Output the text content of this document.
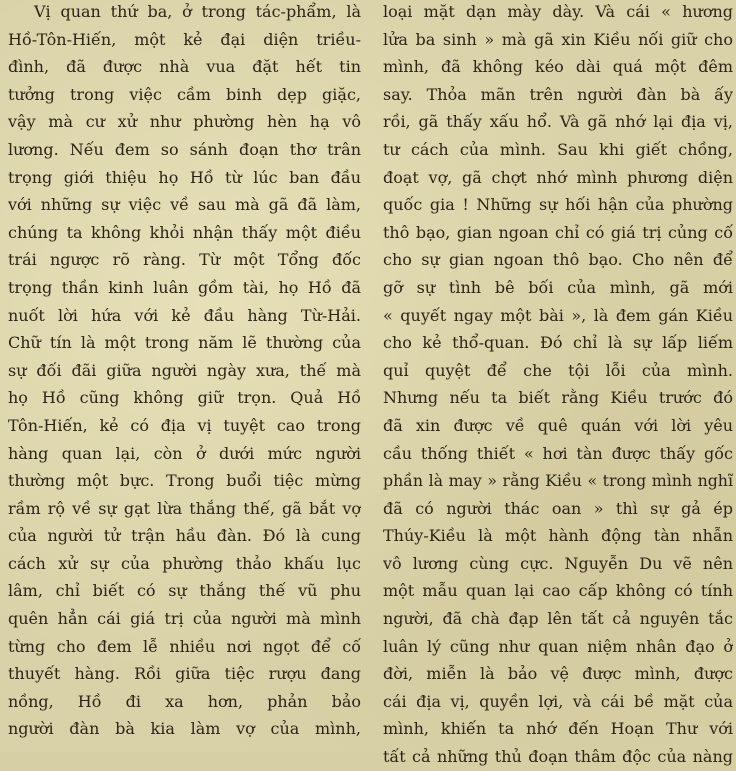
Vị quan thứ ba, ở trong tác-phẩm, là
Hồ-Tôn-Hiến, một kẻ đại diện triều-
đình, đã được nhà vua đặt hết tin
tưởng trong việc cầm binh dẹp giặc,
vậy mà cư xử như phường hèn hạ vô
lương. Nếu đem so sánh đoạn thơ trân
trọng giới thiệu họ Hồ từ lúc ban đầu
với những sự việc về sau mà gã đã làm,
chúng ta không khỏi nhận thấy một điều
trái ngược rõ ràng. Từ một Tổng đốc
trọng thần kinh luân gồm tài, họ Hồ đã
nuốt lời hứa với kẻ đầu hàng Từ-Hải.
Chữ tín là một trong năm lẽ thường của
sự đối đãi giữa người ngày xưa, thế mà
họ Hồ cũng không giữ trọn. Quả Hồ
Tôn-Hiến, kẻ có địa vị tuyệt cao trong
hàng quan lại, còn ở dưới mức người
thường một bực. Trong buổi tiệc mừng
rầm rộ về sự gạt lừa thắng thế, gã bắt vợ
của người tử trận hầu đàn. Đó là cung
cách xử sự của phường thảo khấu lục
lâm, chỉ biết có sự thắng thế vũ phu
quên hẳn cái giá trị của người mà mình
từng cho đem lễ nhiều nơi ngọt để cố
thuyết hàng. Rồi giữa tiệc rượu đang
nồng, Hồ đi xa hơn, phản bảo
người đàn bà kia làm vợ của mình,
loại mặt dạn mày dày. Và cái « hương
lửa ba sinh » mà gã xin Kiều nối giữ cho
mình, đã không kéo dài quá một đêm
say. Thỏa mãn trên người đàn bà ấy
rồi, gã thấy xấu hổ. Và gã nhớ lại địa vị,
tư cách của mình. Sau khi giết chồng,
đoạt vợ, gã chợt nhớ mình phương diện
quốc gia ! Những sự hối hận của phường
thô bạo, gian ngoan chỉ có giá trị củng cố
cho sự gian ngoan thô bạo. Cho nên để
gỡ sự tình bê bối của mình, gã mới
« quyết ngay một bài », là đem gán Kiều
cho kẻ thổ-quan. Đó chỉ là sự lấp liếm
quỉ quyệt để che tội lỗi của mình.
Nhưng nếu ta biết rằng Kiều trước đó
đã xin được về quê quán với lời yêu
cầu thống thiết « hơi tàn được thấy gốc
phần là may » rằng Kiều « trong mình nghĩ
đã có người thác oan » thì sự gả ép
Thúy-Kiều là một hành động tàn nhẫn
vô lương cùng cực. Nguyễn Du vẽ nên
một mẫu quan lại cao cấp không có tính
người, đã chà đạp lên tất cả nguyên tắc
luân lý cũng như quan niệm nhân đạo ở
đời, miễn là bảo vệ được mình, được
cái địa vị, quyền lợi, và cái bề mặt của
mình, khiến ta nhớ đến Hoạn Thư với
tất cả những thủ đoạn thâm độc của nàng
